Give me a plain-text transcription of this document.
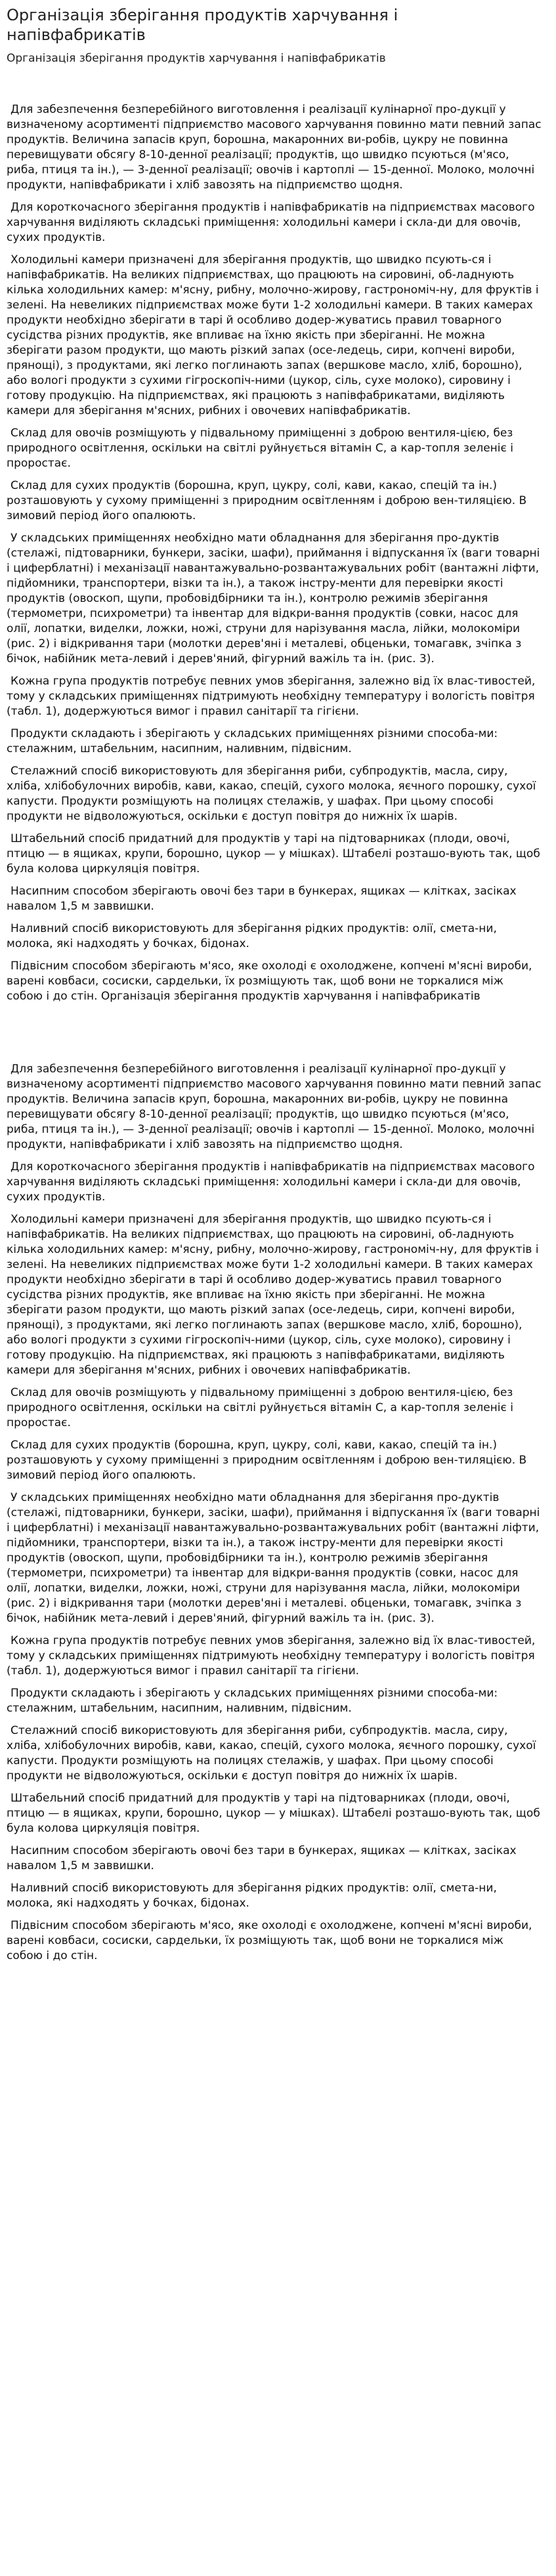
Організація зберігання продуктів харчування і напівфабрикатів
Організація зберігання продуктів харчування і напівфабрикатів

Для забезпечення безперебійного виготовлення і реалізації кулінарної про-дукції у визначеному асортименті підприємство масового харчування повинно мати певний запас продуктів. Величина запасів круп, борошна, макаронних ви-робів, цукру не повинна перевищувати обсягу 8-10-денної реалізації; продуктів, що швидко псуються (м'ясо, риба, птиця та ін.), — 3-денної реалізації; овочів і картоплі — 15-денної. Молоко, молочні продукти, напівфабрикати і хліб завозять на підприємство щодня.

Для короткочасного зберігання продуктів і напівфабрикатів на підприємствах масового харчування виділяють складські приміщення: холодильні камери і скла-ди для овочів, сухих продуктів.

Холодильні камери призначені для зберігання продуктів, що швидко псують-ся і напівфабрикатів. На великих підприємствах, що працюють на сировині, об-ладнують кілька холодильних камер: м'ясну, рибну, молочно-жирову, гастрономіч-ну, для фруктів і зелені. На невеликих підприємствах може бути 1-2 холодильні камери. В таких камерах продукти необхідно зберігати в тарі й особливо додер-жуватись правил товарного сусідства різних продуктів, яке впливає на їхню якість при зберіганні. Не можна зберігати разом продукти, що мають різкий запах (осе-ледець, сири, копчені вироби, прянощі), з продуктами, які легко поглинають запах (вершкове масло, хліб, борошно), або вологі продукти з сухими гігроскопіч-ними (цукор, сіль, сухе молоко), сировину і готову продукцію. На підприємствах, які працюють з напівфабрикатами, виділяють камери для зберігання м'ясних, рибних і овочевих напівфабрикатів.

Склад для овочів розміщують у підвальному приміщенні з доброю вентиля-цією, без природного освітлення, оскільки на світлі руйнується вітамін С, а кар-топля зеленіє і проростає.

Склад для сухих продуктів (борошна, круп, цукру, солі, кави, какао, спецій та ін.) розташовують у сухому приміщенні з природним освітленням і доброю вен-тиляцією. В зимовий період його опалюють.

У складських приміщеннях необхідно мати обладнання для зберігання про-дуктів (стелажі, підтоварники, бункери, засіки, шафи), приймання і відпускання їх (ваги товарні і циферблатні) і механізації навантажувально-розвантажувальних робіт (вантажні ліфти, підйомники, транспортери, візки та ін.), а також інстру-менти для перевірки якості продуктів (овоскоп, щупи, пробовідбірники та ін.), контролю режимів зберігання (термометри, психрометри) та інвентар для відкри-вання продуктів (совки, насос для олії, лопатки, виделки, ложки, ножі, струни для нарізування масла, лійки, молокоміри (рис. 2) і відкривання тари (молотки дерев'яні і металеві, обценьки, томагавк, зчіпка з бічок, набійник мета-левий і дерев'яний, фігурний важіль та ін. (рис. 3).

Кожна група продуктів потребує певних умов зберігання, залежно від їх влас-тивостей, тому у складських приміщеннях підтримують необхідну температуру і вологість повітря (табл. 1), додержуються вимог і правил санітарії та гігієни.

Продукти складають і зберігають у складських приміщеннях різними способа-ми: стелажним, штабельним, насипним, наливним, підвісним.

Стелажний спосіб використовують для зберігання риби, субпродуктів, масла, сиру, хліба, хлібобулочних виробів, кави, какао, спецій, сухого молока, яєчного порошку, сухої капусти. Продукти розміщують на полицях стелажів, у шафах. При цьому способі продукти не відволожуються, оскільки є доступ повітря до нижніх їх шарів.

Штабельний спосіб придатний для продуктів у тарі на підтоварниках (плоди, овочі, птицю — в ящиках, крупи, борошно, цукор — у мішках). Штабелі розташо-вують так, щоб була колова циркуляція повітря.

Насипним способом зберігають овочі без тари в бункерах, ящиках — клітках, засіках навалом 1,5 м заввишки.

Наливний спосіб використовують для зберігання рідких продуктів: олії, смета-ни, молока, які надходять у бочках, бідонах.

Підвісним способом зберігають м'ясо, яке охолоді є охолоджене, копчені м'ясні вироби, варені ковбаси, сосиски, сардельки, їх розміщують так, щоб вони не торкалися між собою і до стін. Організація зберігання продуктів харчування і напівфабрикатів

Для забезпечення безперебійного виготовлення і реалізації кулінарної про-дукції у визначеному асортименті підприємство масового харчування повинно мати певний запас продуктів. Величина запасів круп, борошна, макаронних ви-робів, цукру не повинна перевищувати обсягу 8-10-денної реалізації; продуктів, що швидко псуються (м'ясо, риба, птиця та ін.), — 3-денної реалізації; овочів і картоплі — 15-денної. Молоко, молочні продукти, напівфабрикати і хліб завозять на підприємство щодня.

Для короткочасного зберігання продуктів і напівфабрикатів на підприємствах масового харчування виділяють складські приміщення: холодильні камери і скла-ди для овочів, сухих продуктів.

Холодильні камери призначені для зберігання продуктів, що швидко псують-ся і напівфабрикатів. На великих підприємствах, що працюють на сировині, об-ладнують кілька холодильних камер: м'ясну, рибну, молочно-жирову, гастрономіч-ну, для фруктів і зелені. На невеликих підприємствах може бути 1-2 холодильні камери. В таких камерах продукти необхідно зберігати в тарі й особливо додер-жуватись правил товарного сусідства різних продуктів, яке впливає на їхню якість при зберіганні. Не можна зберігати разом продукти, що мають різкий запах (осе-ледець, сири, копчені вироби, прянощі), з продуктами, які легко поглинають запах (вершкове масло, хліб, борошно), або вологі продукти з сухими гігроскопіч-ними (цукор, сіль, сухе молоко), сировину і готову продукцію. На підприємствах, які працюють з напівфабрикатами, виділяють камери для зберігання м'ясних, рибних і овочевих напівфабрикатів.

Склад для овочів розміщують у підвальному приміщенні з доброю вентиля-цією, без природного освітлення, оскільки на світлі руйнується вітамін С, а кар-топля зеленіє і проростає.

Склад для сухих продуктів (борошна, круп, цукру, солі, кави, какао, спецій та ін.) розташовують у сухому приміщенні з природним освітленням і доброю вен-тиляцією. В зимовий період його опалюють.

У складських приміщеннях необхідно мати обладнання для зберігання про-дуктів (стелажі, підтоварники, бункери, засіки, шафи), приймання і відпускання їх (ваги товарні і циферблатні) і механізації навантажувально-розвантажувальних робіт (вантажні ліфти, підйомники, транспортери, візки та ін.), а також інстру-менти для перевірки якості продуктів (овоскоп, щупи, пробовідбірники та ін.), контролю режимів зберігання (термометри, психрометри) та інвентар для відкри-вання продуктів (совки, насос для олії, лопатки, виделки, ложки, ножі, струни для нарізування масла, лійки, молокоміри (рис. 2) і відкривання тари (молотки дерев'яні і металеві. обценьки, томагавк, зчіпка з бічок, набійник мета-левий і дерев'яний, фігурний важіль та ін. (рис. 3).

Кожна група продуктів потребує певних умов зберігання, залежно від їх влас-тивостей, тому у складських приміщеннях підтримують необхідну температуру і вологість повітря (табл. 1), додержуються вимог і правил санітарії та гігієни.

Продукти складають і зберігають у складських приміщеннях різними способа-ми: стелажним, штабельним, насипним, наливним, підвісним.

Стелажний спосіб використовують для зберігання риби, субпродуктів. масла, сиру, хліба, хлібобулочних виробів, кави, какао, спецій, сухого молока, яєчного порошку, сухої капусти. Продукти розміщують на полицях стелажів, у шафах. При цьому способі продукти не відволожуються, оскільки є доступ повітря до нижніх їх шарів.

Штабельний спосіб придатний для продуктів у тарі на підтоварниках (плоди, овочі, птицю — в ящиках, крупи, борошно, цукор — у мішках). Штабелі розташо-вують так, щоб була колова циркуляція повітря.

Насипним способом зберігають овочі без тари в бункерах, ящиках — клітках, засіках навалом 1,5 м заввишки.

Наливний спосіб використовують для зберігання рідких продуктів: олії, смета-ни, молока, які надходять у бочках, бідонах.

Підвісним способом зберігають м'ясо, яке охолоді є охолоджене, копчені м'ясні вироби, варені ковбаси, сосиски, сардельки, їх розміщують так, щоб вони не торкалися між собою і до стін.
